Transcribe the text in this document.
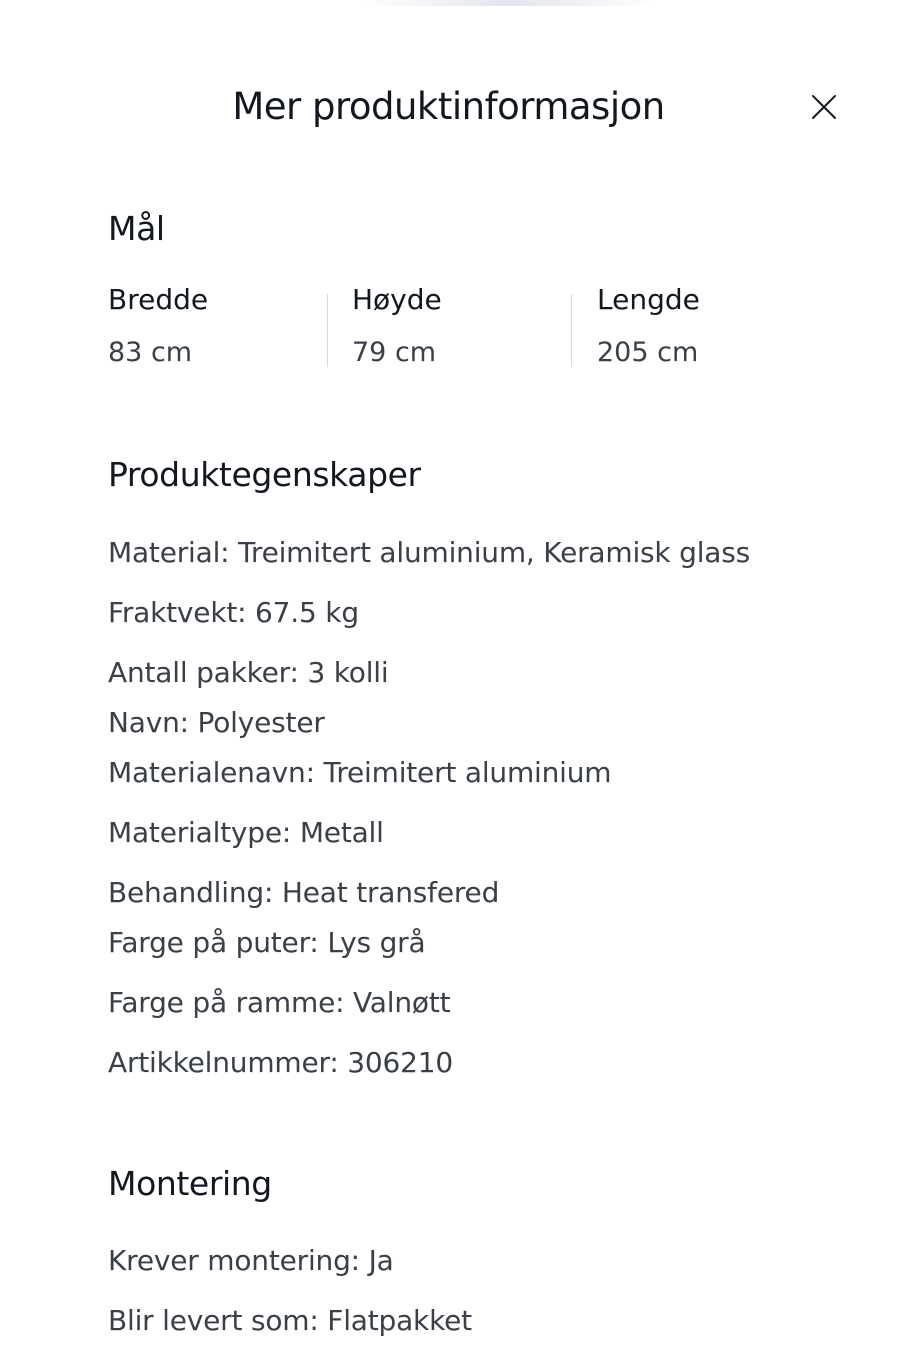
Mer produktinformasjon
Mål
Bredde
83 cm
Høyde
79 cm
Lengde
205 cm
Produktegenskaper
Material: Treimitert aluminium, Keramisk glass
Fraktvekt: 67.5 kg
Antall pakker: 3 kolli
Navn: Polyester
Materialenavn: Treimitert aluminium
Materialtype: Metall
Behandling: Heat transfered
Farge på puter: Lys grå
Farge på ramme: Valnøtt
Artikkelnummer: 306210
Montering
Krever montering: Ja
Blir levert som: Flatpakket
